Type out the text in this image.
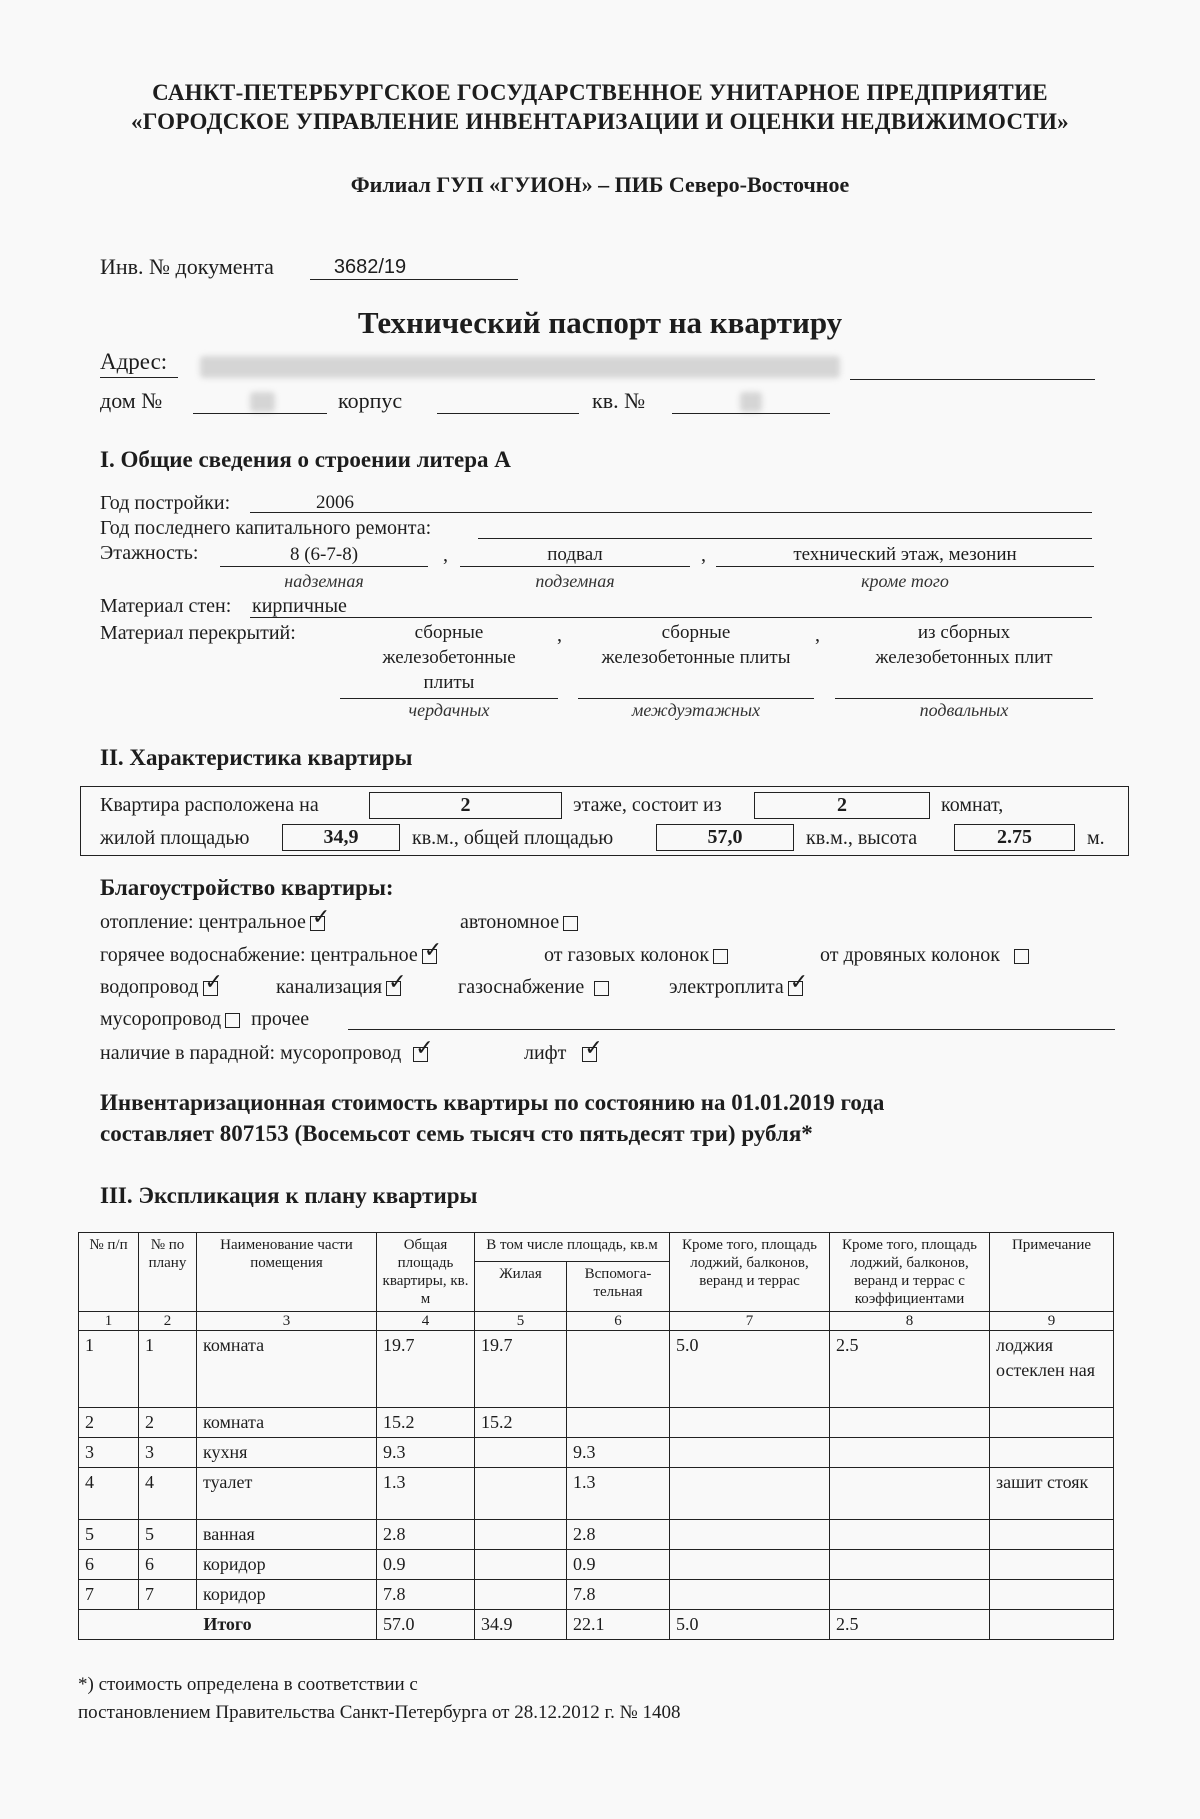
САНКТ-ПЕТЕРБУРГСКОЕ ГОСУДАРСТВЕННОЕ УНИТАРНОЕ ПРЕДПРИЯТИЕ
«ГОРОДСКОЕ УПРАВЛЕНИЕ ИНВЕНТАРИЗАЦИИ И ОЦЕНКИ НЕДВИЖИМОСТИ»
Филиал ГУП «ГУИОН» – ПИБ Северо-Восточное
Инв. № документа	3682/19
Технический паспорт на квартиру
Адрес:
дом №	корпус	кв. №
I. Общие сведения о строении литера А
Год постройки:	2006
Год последнего капитального ремонта:
Этажность:	8 (6-7-8)	,	подвал	,	технический этаж, мезонин
надземная	подземная	кроме того
Материал стен: кирпичные
Материал перекрытий:	сборные
железобетонные
плиты
,	сборные
железобетонные плиты
,	из сборных
железобетонных плит
чердачных	междуэтажных	подвальных
II. Характеристика квартиры
Квартира расположена на	2	этаже, состоит из	2	комнат,
жилой площадью	34,9	кв.м., общей площадью	57,0	кв.м., высота	2.75	м.
Благоустройство квартиры:
отопление: центральное ✓	автономное
горячее водоснабжение: центральное ✓	от газовых колонок	от дровяных колонок
водопровод ✓	канализация ✓	газоснабжение	электроплита✓
мусоропровод прочее
наличие в парадной: мусоропровод ✓	лифт✓
Инвентаризационная стоимость квартиры по состоянию на 01.01.2019 года
составляет 807153 (Восемьсот семь тысяч сто пятьдесят три) рубля*
III. Экспликация к плану квартиры
№ п/п	№ по плану	Наименование части помещения	Общая площадь квартиры, кв. м	В том числе площадь, кв.м		Кроме того, площадь лоджий, балконов, веранд и террас	Кроме того, площадь лоджий, балконов, веранд и террас с коэффициентами	Примечание
				Жилая	Вспомога- тельная			
1	2	3	4	5	6	7	8	9
1	1	комната	19.7	19.7		5.0	2.5	лоджия остеклен ная
2	2	комната	15.2	15.2				
3	3	кухня	9.3		9.3			
4	4	туалет	1.3		1.3			зашит стояк
5	5	ванная	2.8		2.8			
6	6	коридор	0.9		0.9			
7	7	коридор	7.8		7.8			
Итого			57.0	34.9	22.1	5.0	2.5	
*) стоимость определена в соответствии с
постановлением Правительства Санкт-Петербурга от 28.12.2012 г. № 1408
